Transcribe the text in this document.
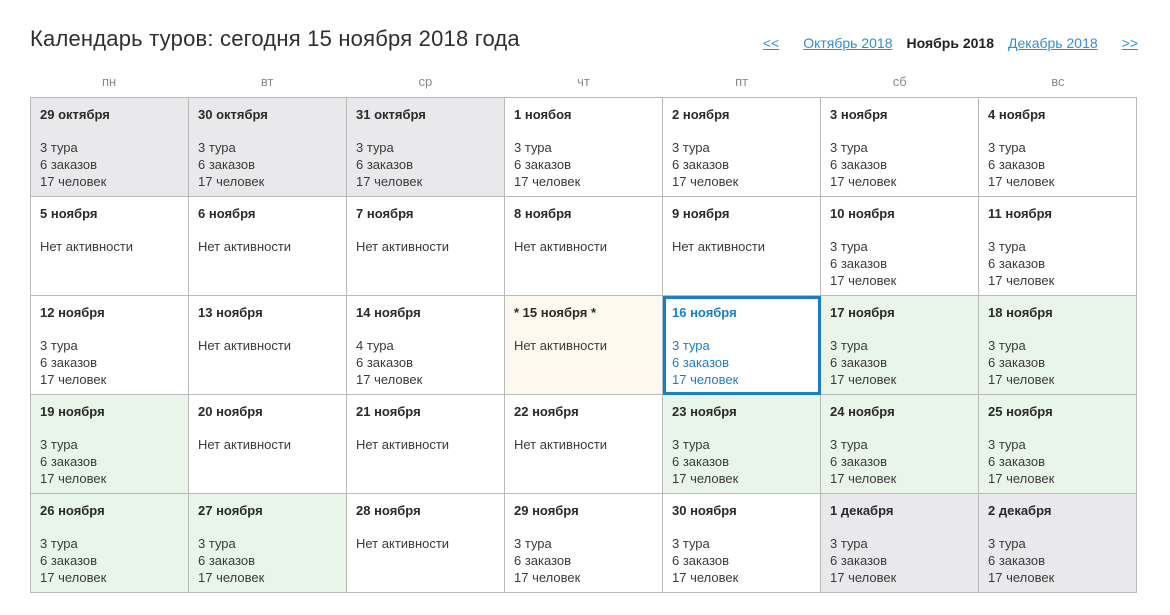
Календарь туров: сегодня 15 ноября 2018 года	<< Октябрь 2018 Ноябрь 2018 Декабрь 2018 >>
пн	вт	ср	чт	пт	сб	вс
29 октября
3 тура
6 заказов
17 человек
30 октября
3 тура
6 заказов
17 человек
31 октября
3 тура
6 заказов
17 человек
1 ноябоя
3 тура
6 заказов
17 человек
2 ноября
3 тура
6 заказов
17 человек
3 ноября
3 тура
6 заказов
17 человек
4 ноября
3 тура
6 заказов
17 человек
5 ноября
Нет активности
6 ноября
Нет активности
7 ноября
Нет активности
8 ноября
Нет активности
9 ноября
Нет активности
10 ноября
3 тура
6 заказов
17 человек
11 ноября
3 тура
6 заказов
17 человек
12 ноября
3 тура
6 заказов
17 человек
13 ноября
Нет активности
14 ноября
4 тура
6 заказов
17 человек
* 15 ноября *
Нет активности
16 ноября
3 тура
6 заказов
17 человек
17 ноября
3 тура
6 заказов
17 человек
18 ноября
3 тура
6 заказов
17 человек
19 ноября
3 тура
6 заказов
17 человек
20 ноября
Нет активности
21 ноября
Нет активности
22 ноября
Нет активности
23 ноября
3 тура
6 заказов
17 человек
24 ноября
3 тура
6 заказов
17 человек
25 ноября
3 тура
6 заказов
17 человек
26 ноября
3 тура
6 заказов
17 человек
27 ноября
3 тура
6 заказов
17 человек
28 ноября
Нет активности
29 ноября
3 тура
6 заказов
17 человек
30 ноября
3 тура
6 заказов
17 человек
1 декабря
3 тура
6 заказов
17 человек
2 декабря
3 тура
6 заказов
17 человек
